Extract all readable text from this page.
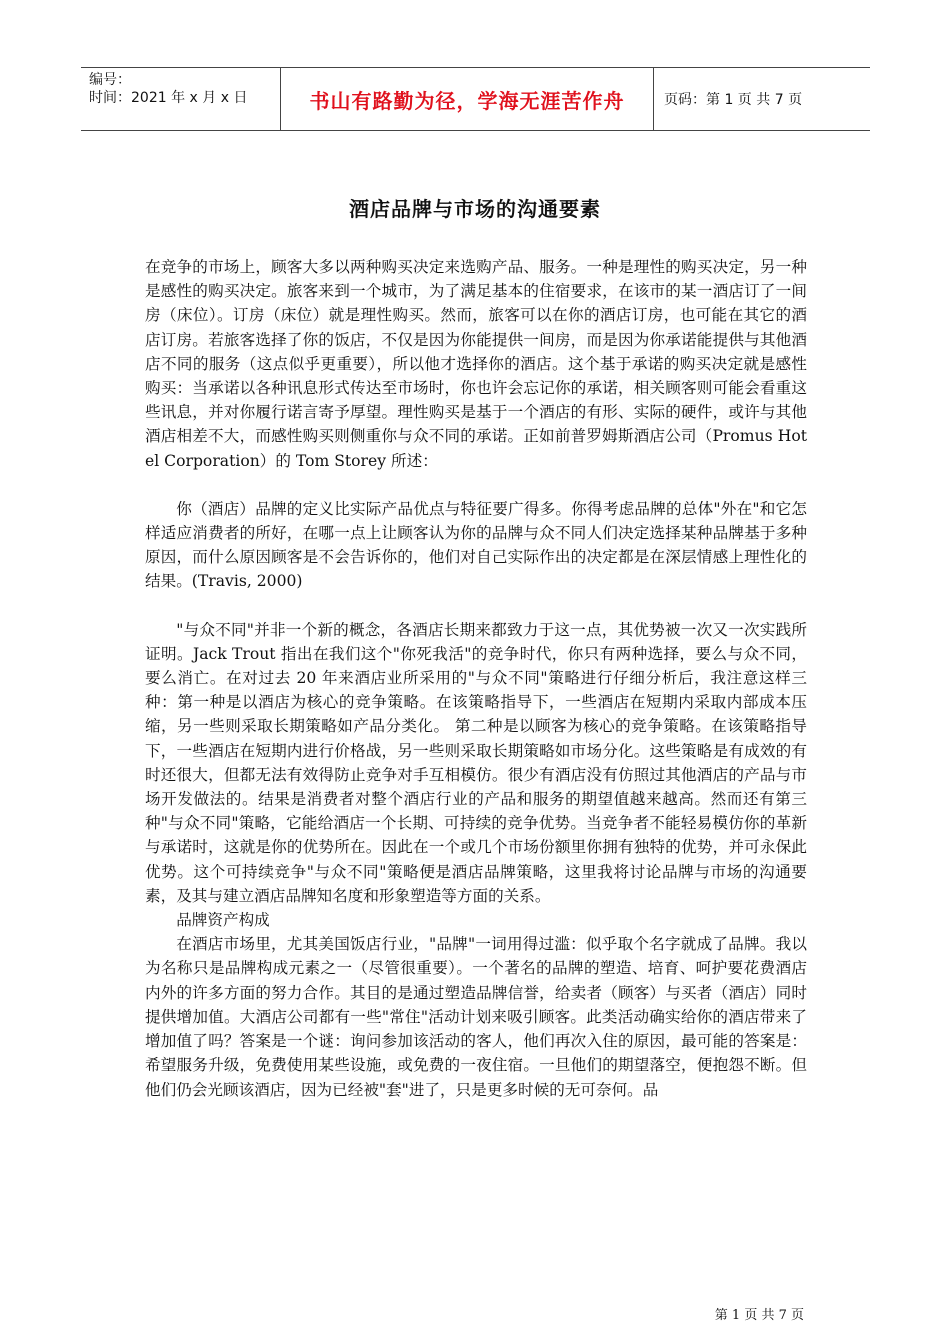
编号：
时间：2021 年 x 月 x 日	书山有路勤为径，学海无涯苦作舟	页码：第 1 页 共 7 页
酒店品牌与市场的沟通要素

在竞争的市场上，顾客大多以两种购买决定来选购产品、服务。一种是理性的购买决定，另一种是感性的购买决定。旅客来到一个城市，为了满足基本的住宿要求，在该市的某一酒店订了一间房（床位）。订房（床位）就是理性购买。然而，旅客可以在你的酒店订房，也可能在其它的酒店订房。若旅客选择了你的饭店，不仅是因为你能提供一间房，而是因为你承诺能提供与其他酒店不同的服务（这点似乎更重要），所以他才选择你的酒店。这个基于承诺的购买决定就是感性购买：当承诺以各种讯息形式传达至市场时，你也许会忘记你的承诺，相关顾客则可能会看重这些讯息，并对你履行诺言寄予厚望。理性购买是基于一个酒店的有形、实际的硬件，或许与其他酒店相差不大，而感性购买则侧重你与众不同的承诺。正如前普罗姆斯酒店公司（Promus Hotel Corporation）的 Tom Storey 所述：

你（酒店）品牌的定义比实际产品优点与特征要广得多。你得考虑品牌的总体"外在"和它怎样适应消费者的所好，在哪一点上让顾客认为你的品牌与众不同人们决定选择某种品牌基于多种原因，而什么原因顾客是不会告诉你的，他们对自己实际作出的决定都是在深层情感上理性化的结果。(Travis, 2000)

"与众不同"并非一个新的概念，各酒店长期来都致力于这一点，其优势被一次又一次实践所证明。Jack Trout 指出在我们这个"你死我活"的竞争时代，你只有两种选择，要么与众不同，要么消亡。在对过去 20 年来酒店业所采用的"与众不同"策略进行仔细分析后，我注意这样三种：第一种是以酒店为核心的竞争策略。在该策略指导下，一些酒店在短期内采取内部成本压缩，另一些则采取长期策略如产品分类化。 第二种是以顾客为核心的竞争策略。在该策略指导下，一些酒店在短期内进行价格战，另一些则采取长期策略如市场分化。这些策略是有成效的有时还很大，但都无法有效得防止竞争对手互相模仿。很少有酒店没有仿照过其他酒店的产品与市场开发做法的。结果是消费者对整个酒店行业的产品和服务的期望值越来越高。然而还有第三种"与众不同"策略，它能给酒店一个长期、可持续的竞争优势。当竞争者不能轻易模仿你的革新与承诺时，这就是你的优势所在。因此在一个或几个市场份额里你拥有独特的优势，并可永保此优势。这个可持续竞争"与众不同"策略便是酒店品牌策略，这里我将讨论品牌与市场的沟通要素，及其与建立酒店品牌知名度和形象塑造等方面的关系。

品牌资产构成

在酒店市场里，尤其美国饭店行业，"品牌"一词用得过滥：似乎取个名字就成了品牌。我以为名称只是品牌构成元素之一（尽管很重要）。一个著名的品牌的塑造、培育、呵护要花费酒店内外的许多方面的努力合作。其目的是通过塑造品牌信誉，给卖者（顾客）与买者（酒店）同时提供增加值。大酒店公司都有一些"常住"活动计划来吸引顾客。此类活动确实给你的酒店带来了增加值了吗？答案是一个谜：询问参加该活动的客人，他们再次入住的原因，最可能的答案是：希望服务升级，免费使用某些设施，或免费的一夜住宿。一旦他们的期望落空，便抱怨不断。但他们仍会光顾该酒店，因为已经被"套"进了，只是更多时候的无可奈何。品

第 1 页 共 7 页
